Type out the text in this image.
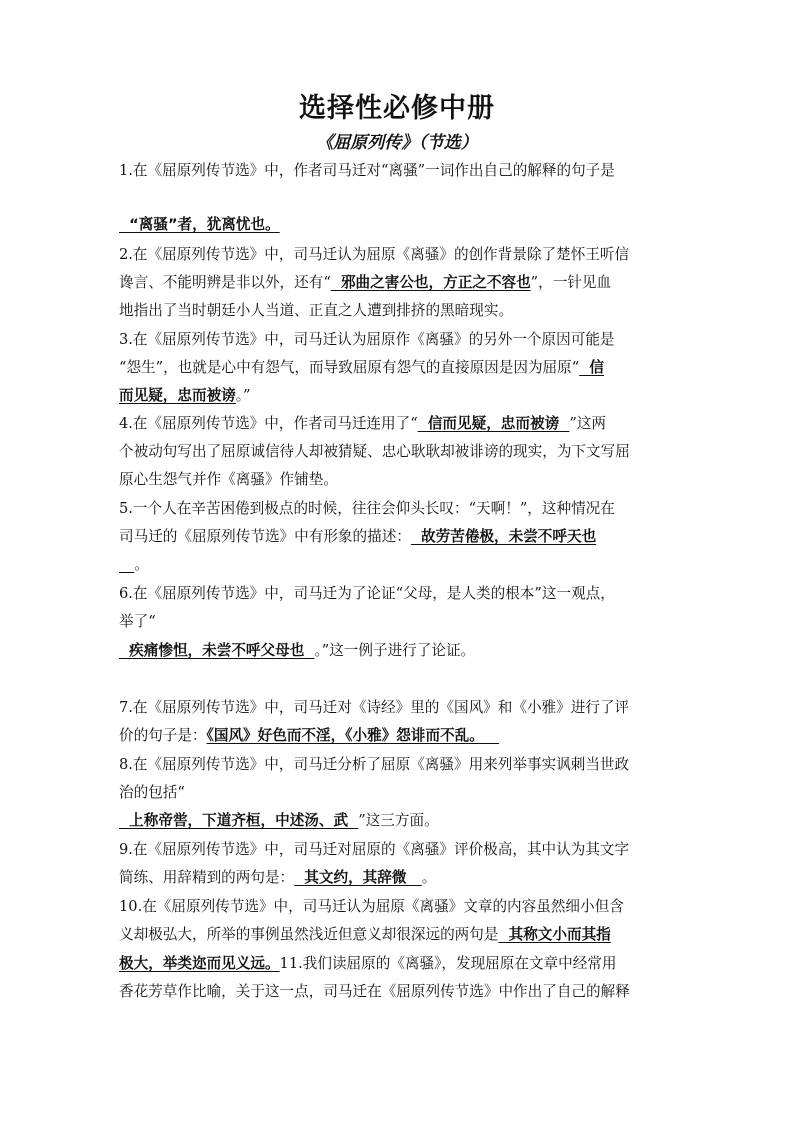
选择性必修中册
《屈原列传》（节选）
1.在《屈原列传节选》中，作者司马迁对“离骚”一词作出自己的解释的句子是
“离骚”者，犹离忧也。
2.在《屈原列传节选》中，司马迁认为屈原《离骚》的创作背景除了楚怀王听信
谗言、不能明辨是非以外，还有“  邪曲之害公也，方正之不容也”，一针见血
地指出了当时朝廷小人当道、正直之人遭到排挤的黑暗现实。
3.在《屈原列传节选》中，司马迁认为屈原作《离骚》的另外一个原因可能是
“怨生”，也就是心中有怨气，而导致屈原有怨气的直接原因是因为屈原“  信
而见疑，忠而被谤。”
4.在《屈原列传节选》中，作者司马迁连用了“  信而见疑，忠而被谤  ”这两
个被动句写出了屈原诚信待人却被猜疑、忠心耿耿却被诽谤的现实，为下文写屈
原心生怨气并作《离骚》作铺垫。
5.一个人在辛苦困倦到极点的时候，往往会仰头长叹：“天啊！”，这种情况在
司马迁的《屈原列传节选》中有形象的描述：  故劳苦倦极，未尝不呼天也
。
6.在《屈原列传节选》中，司马迁为了论证“父母，是人类的根本”这一观点，
举了“
疾痛惨怛，未尝不呼父母也  。”这一例子进行了论证。
7.在《屈原列传节选》中，司马迁对《诗经》里的《国风》和《小雅》进行了评
价的句子是：《国风》好色而不淫，《小雅》怨诽而不乱。
8.在《屈原列传节选》中，司马迁分析了屈原《离骚》用来列举事实讽刺当世政
治的包括“
上称帝喾，下道齐桓，中述汤、武  ”这三方面。
9.在《屈原列传节选》中，司马迁对屈原的《离骚》评价极高，其中认为其文字
简练、用辞精到的两句是：  其文约，其辞微   。
10.在《屈原列传节选》中，司马迁认为屈原《离骚》文章的内容虽然细小但含
义却极弘大，所举的事例虽然浅近但意义却很深远的两句是  其称文小而其指
极大，举类迩而见义远。11.我们读屈原的《离骚》，发现屈原在文章中经常用
香花芳草作比喻，关于这一点，司马迁在《屈原列传节选》中作出了自己的解释
